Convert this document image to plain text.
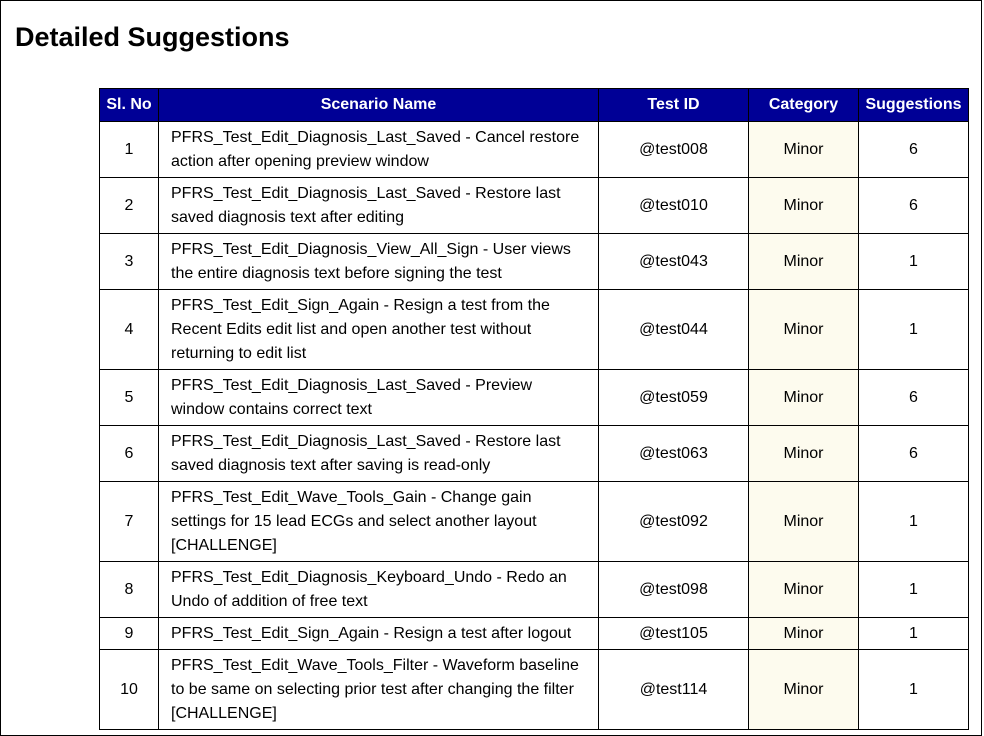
Detailed Suggestions
Sl. No	Scenario Name	Test ID	Category	Suggestions
1	PFRS_Test_Edit_Diagnosis_Last_Saved - Cancel restore action after opening preview window	@test008	Minor	6
2	PFRS_Test_Edit_Diagnosis_Last_Saved - Restore last saved diagnosis text after editing	@test010	Minor	6
3	PFRS_Test_Edit_Diagnosis_View_All_Sign - User views the entire diagnosis text before signing the test	@test043	Minor	1
4	PFRS_Test_Edit_Sign_Again - Resign a test from the Recent Edits edit list and open another test without returning to edit list	@test044	Minor	1
5	PFRS_Test_Edit_Diagnosis_Last_Saved - Preview window contains correct text	@test059	Minor	6
6	PFRS_Test_Edit_Diagnosis_Last_Saved - Restore last saved diagnosis text after saving is read-only	@test063	Minor	6
7	PFRS_Test_Edit_Wave_Tools_Gain - Change gain settings for 15 lead ECGs and select another layout [CHALLENGE]	@test092	Minor	1
8	PFRS_Test_Edit_Diagnosis_Keyboard_Undo - Redo an Undo of addition of free text	@test098	Minor	1
9	PFRS_Test_Edit_Sign_Again - Resign a test after logout	@test105	Minor	1
10	PFRS_Test_Edit_Wave_Tools_Filter - Waveform baseline to be same on selecting prior test after changing the filter [CHALLENGE]	@test114	Minor	1
